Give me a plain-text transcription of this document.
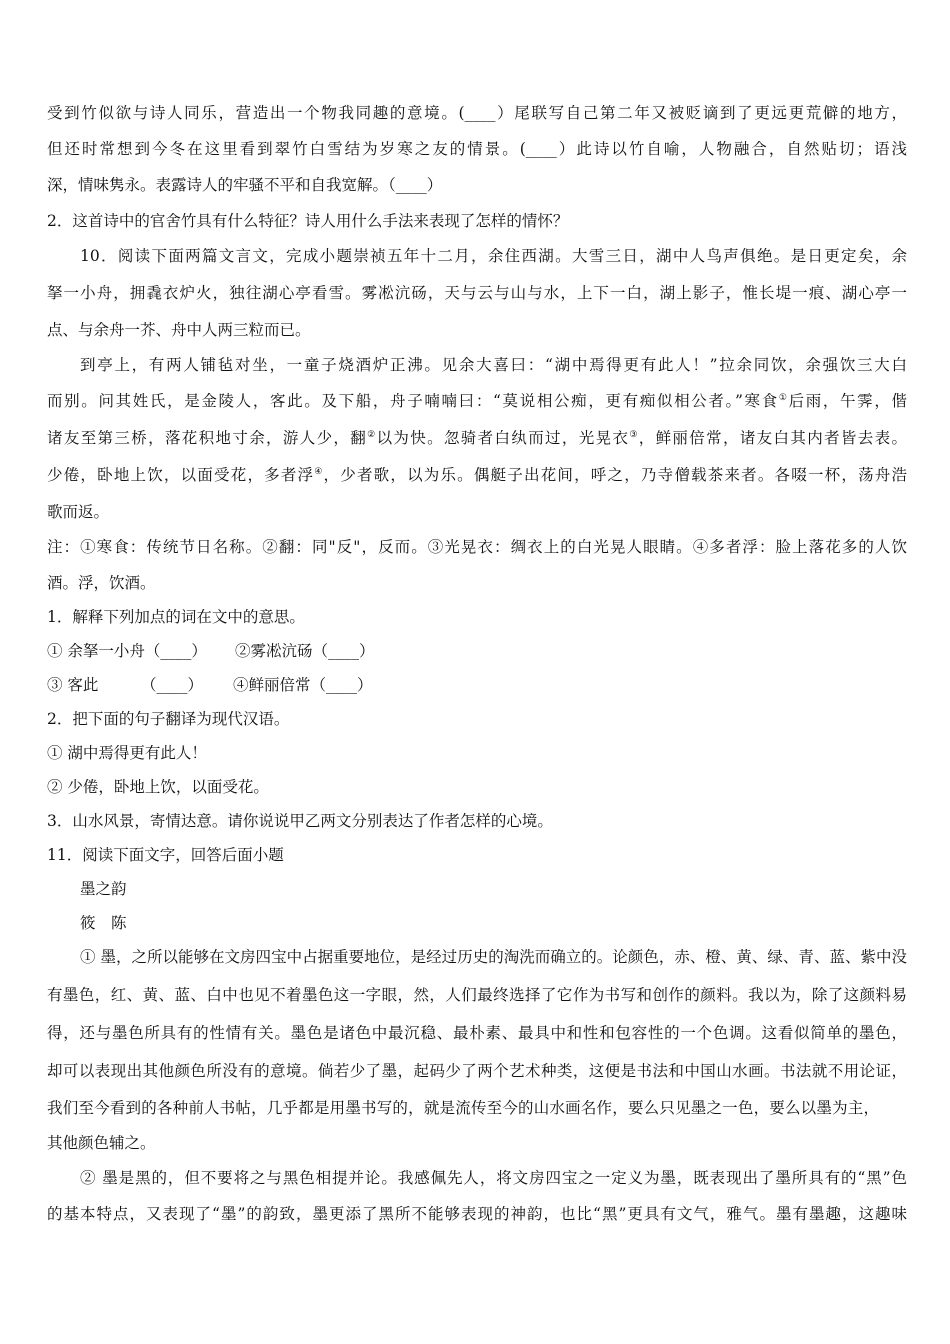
受到竹似欲与诗人同乐，营造出一个物我同趣的意境。(____）尾联写自己第二年又被贬谪到了更远更荒僻的地方，
但还时常想到今冬在这里看到翠竹白雪结为岁寒之友的情景。(____）此诗以竹自喻，人物融合，自然贴切；语浅
深，情味隽永。表露诗人的牢骚不平和自我宽解。（____）
2．这首诗中的官舍竹具有什么特征？诗人用什么手法来表现了怎样的情怀？
10．阅读下面两篇文言文，完成小题崇祯五年十二月，余住西湖。大雪三日，湖中人鸟声俱绝。是日更定矣，余
拏一小舟，拥毳衣炉火，独往湖心亭看雪。雾凇沆砀，天与云与山与水，上下一白，湖上影子，惟长堤一痕、湖心亭一
点、与余舟一芥、舟中人两三粒而已。
到亭上，有两人铺毡对坐，一童子烧酒炉正沸。见余大喜曰：“湖中焉得更有此人！”拉余同饮，余强饮三大白
而别。问其姓氏，是金陵人，客此。及下船，舟子喃喃曰：“莫说相公痴，更有痴似相公者。”寒食①后雨，午霁，偕
诸友至第三桥，落花积地寸余，游人少，翻②以为快。忽骑者白纨而过，光晃衣③，鲜丽倍常，诸友白其内者皆去表。
少倦，卧地上饮，以面受花，多者浮④，少者歌，以为乐。偶艇子出花间，呼之，乃寺僧载茶来者。各啜一杯，荡舟浩
歌而返。
注：①寒食：传统节日名称。②翻：同"反"，反而。③光晃衣：绸衣上的白光晃人眼睛。④多者浮：脸上落花多的人饮
酒。浮，饮酒。
1．解释下列加点的词在文中的意思。
① 余拏一小舟（____） ②雾凇沆砀（____）
③ 客此	（____） ④鲜丽倍常（____）
2．把下面的句子翻译为现代汉语。
① 湖中焉得更有此人！
② 少倦，卧地上饮，以面受花。
3．山水风景，寄情达意。请你说说甲乙两文分别表达了作者怎样的心境。
11．阅读下面文字，回答后面小题
墨之韵
筱　陈
① 墨，之所以能够在文房四宝中占据重要地位，是经过历史的淘洗而确立的。论颜色，赤、橙、黄、绿、青、蓝、紫中没
有墨色，红、黄、蓝、白中也见不着墨色这一字眼，然，人们最终选择了它作为书写和创作的颜料。我以为，除了这颜料易
得，还与墨色所具有的性情有关。墨色是诸色中最沉稳、最朴素、最具中和性和包容性的一个色调。这看似简单的墨色，
却可以表现出其他颜色所没有的意境。倘若少了墨，起码少了两个艺术种类，这便是书法和中国山水画。书法就不用论证，
我们至今看到的各种前人书帖，几乎都是用墨书写的，就是流传至今的山水画名作，要么只见墨之一色，要么以墨为主，
其他颜色辅之。
② 墨是黑的，但不要将之与黑色相提并论。我感佩先人，将文房四宝之一定义为墨，既表现出了墨所具有的“黑”色
的基本特点，又表现了“墨”的韵致，墨更添了黑所不能够表现的神韵，也比“黑”更具有文气，雅气。墨有墨趣，这趣味
